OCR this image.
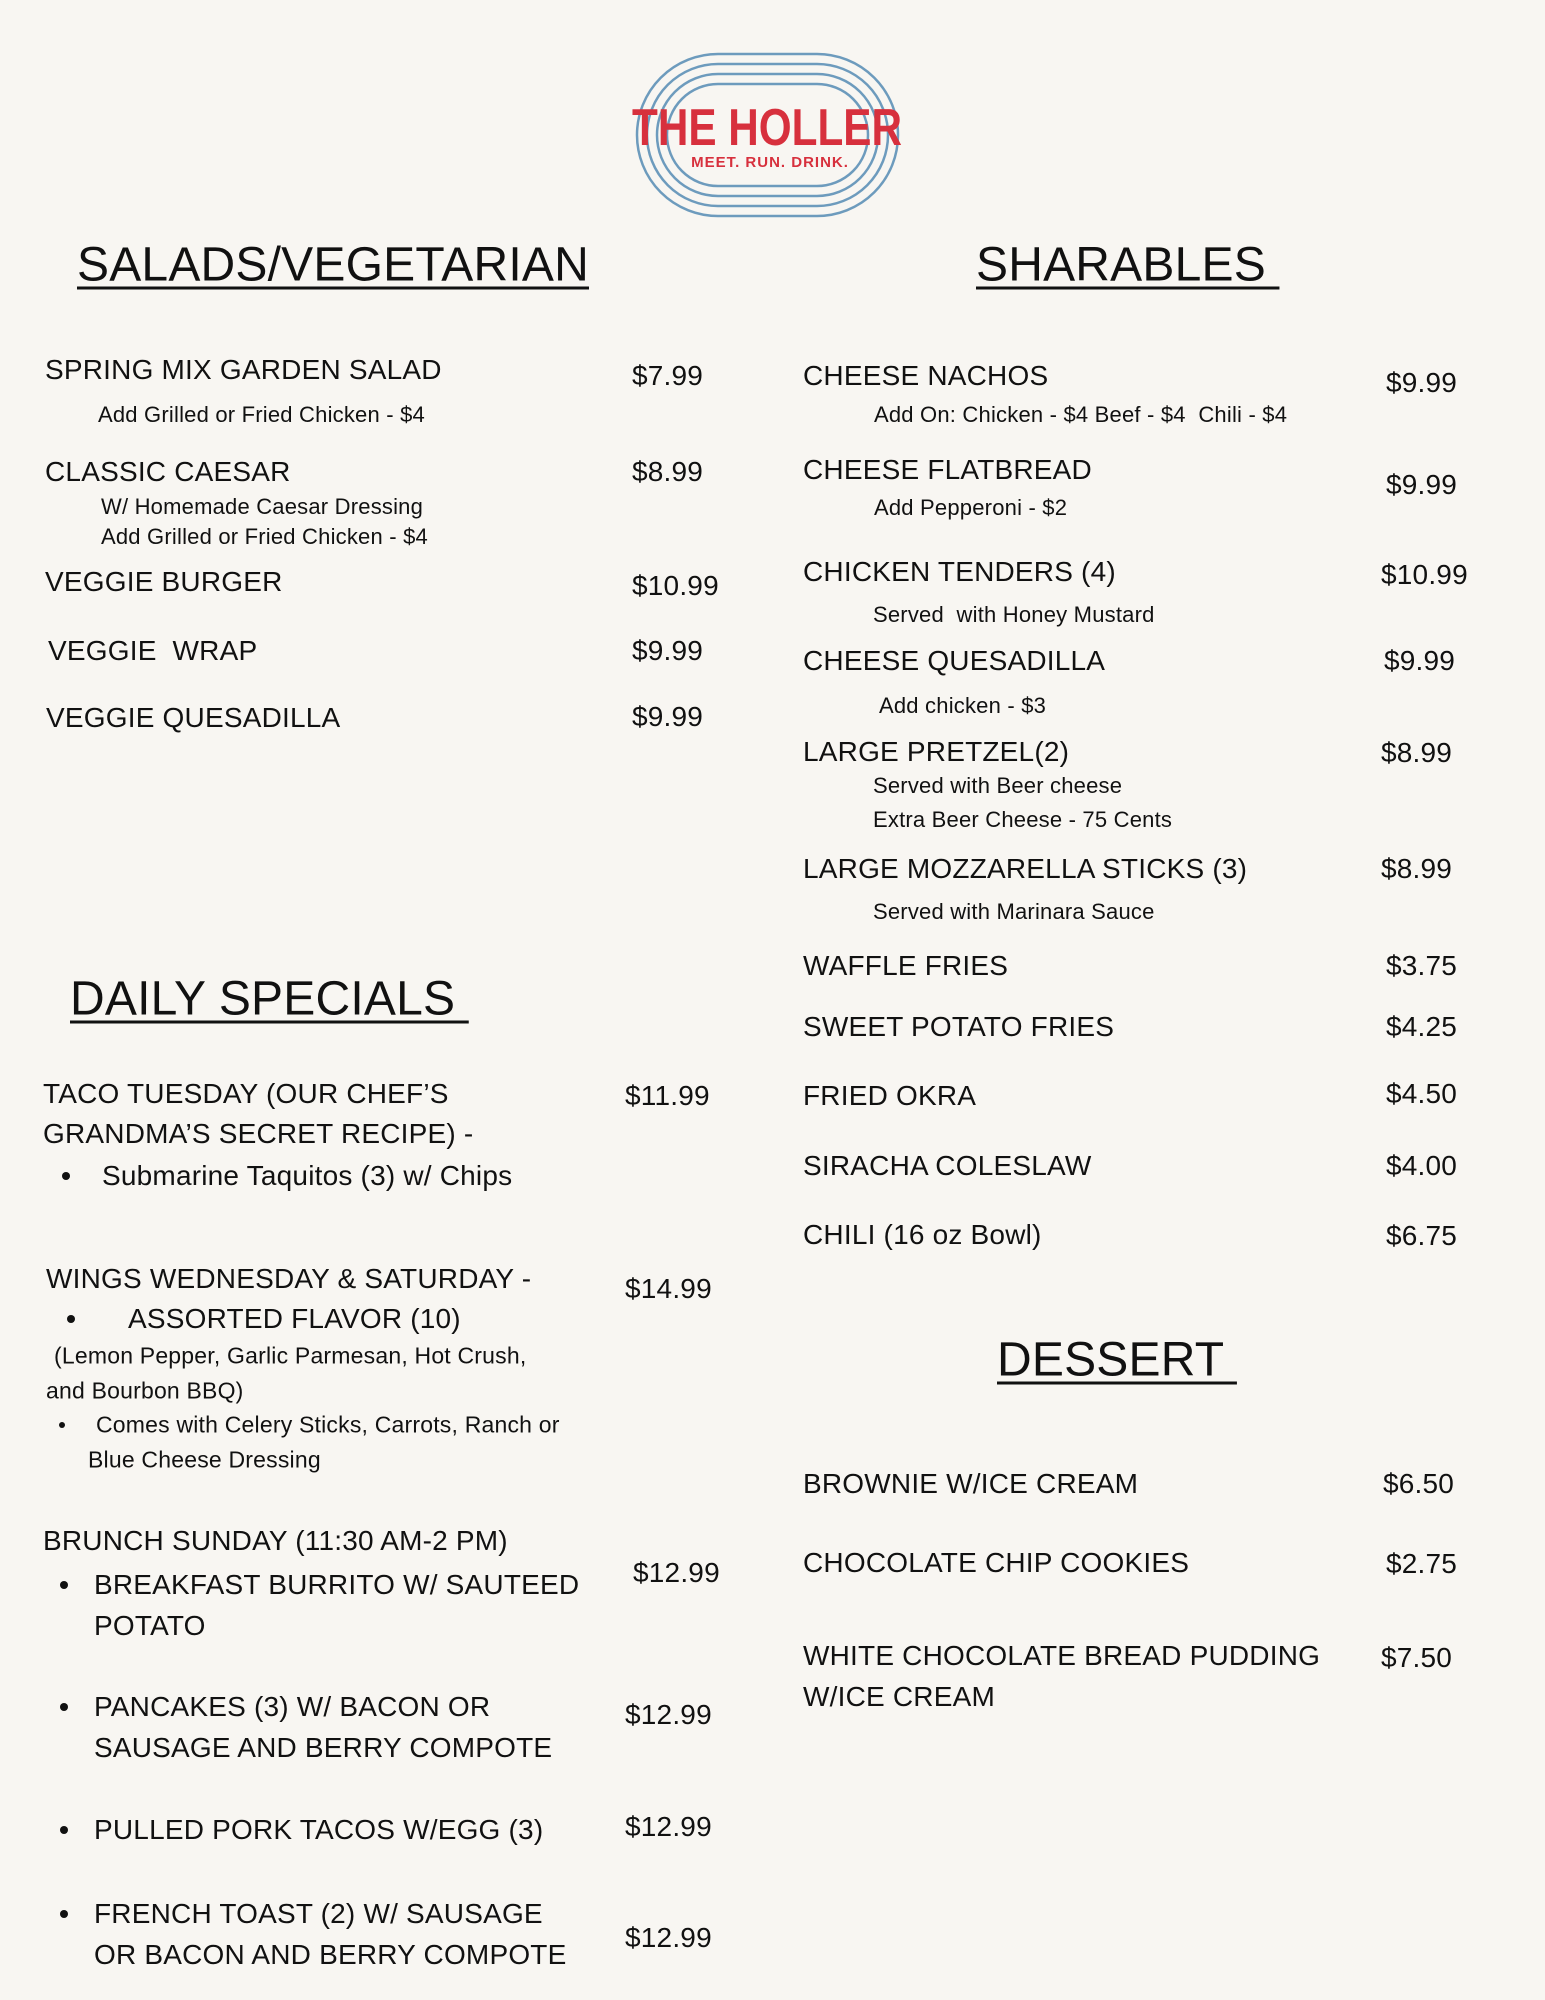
THE HOLLER
MEET. RUN. DRINK.
SALADS/VEGETARIAN
SPRING MIX GARDEN SALAD	$7.99
Add Grilled or Fried Chicken - $4
CLASSIC CAESAR	$8.99
W/ Homemade Caesar Dressing
Add Grilled or Fried Chicken - $4
VEGGIE BURGER	$10.99
VEGGIE  WRAP	$9.99
VEGGIE QUESADILLA	$9.99
DAILY SPECIALS
TACO TUESDAY (OUR CHEF’S
GRANDMA’S SECRET RECIPE) -
$11.99
Submarine Taquitos (3) w/ Chips
WINGS WEDNESDAY & SATURDAY -	$14.99
ASSORTED FLAVOR (10)
(Lemon Pepper, Garlic Parmesan, Hot Crush,
and Bourbon BBQ)
Comes with Celery Sticks, Carrots, Ranch or
Blue Cheese Dressing
BRUNCH SUNDAY (11:30 AM-2 PM)
BREAKFAST BURRITO W/ SAUTEED
POTATO
$12.99
PANCAKES (3) W/ BACON OR
SAUSAGE AND BERRY COMPOTE
$12.99
PULLED PORK TACOS W/EGG (3)	$12.99
FRENCH TOAST (2) W/ SAUSAGE
OR BACON AND BERRY COMPOTE
$12.99
SHARABLES
CHEESE NACHOS	$9.99
Add On: Chicken - $4 Beef - $4  Chili - $4
CHEESE FLATBREAD	$9.99
Add Pepperoni - $2
CHICKEN TENDERS (4)	$10.99
Served  with Honey Mustard
CHEESE QUESADILLA	$9.99
Add chicken - $3
LARGE PRETZEL(2)	$8.99
Served with Beer cheese
Extra Beer Cheese - 75 Cents
LARGE MOZZARELLA STICKS (3)	$8.99
Served with Marinara Sauce
WAFFLE FRIES	$3.75
SWEET POTATO FRIES	$4.25
FRIED OKRA	$4.50
SIRACHA COLESLAW	$4.00
CHILI (16 oz Bowl)	$6.75
DESSERT
BROWNIE W/ICE CREAM	$6.50
CHOCOLATE CHIP COOKIES	$2.75
WHITE CHOCOLATE BREAD PUDDING
W/ICE CREAM
$7.50
